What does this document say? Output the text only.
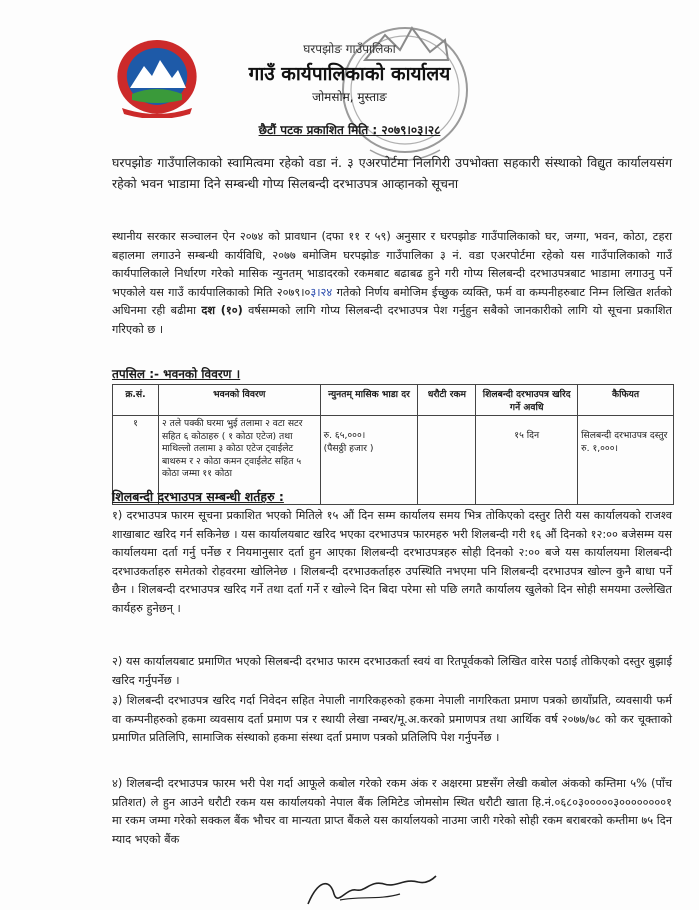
घरपझोङ गाउँपालिका
गाउँ कार्यपालिकाको कार्यालय
जोमसोम, मुस्ताङ
छैटौं पटक प्रकाशित मिति : २०७९।०३।२८
घरपझोङ गाउँपालिकाको स्वामित्वमा रहेको वडा नं. ३ एअरपोर्टमा निलगिरी उपभोक्ता सहकारी संस्थाको विद्युत कार्यालयसंग रहेको भवन भाडामा दिने सम्बन्धी गोप्य सिलबन्दी दरभाउपत्र आव्हानको सूचना
स्थानीय सरकार सञ्चालन ऐन २०७४ को प्रावधान (दफा ११ र ५९) अनुसार र घरपझोङ गाउँपालिकाको घर, जग्गा, भवन, कोठा, टहरा बहालमा लगाउने सम्बन्धी कार्यविधि, २०७७ बमोजिम घरपझोङ गाउँपालिका ३ नं. वडा एअरपोर्टमा रहेको यस गाउँपालिकाको गाउँ कार्यपालिकाले निर्धारण गरेको मासिक न्युनतम् भाडादरको रकमबाट बढाबढ हुने गरी गोप्य सिलबन्दी दरभाउपत्रबाट भाडामा लगाउनु पर्ने भएकोले यस गाउँ कार्यपालिकाको मिति २०७९।०३।२४ गतेको निर्णय बमोजिम ईच्छुक व्यक्ति, फर्म वा कम्पनीहरुबाट निम्न लिखित शर्तको अधिनमा रही बढीमा दश (१०) वर्षसम्मको लागि गोप्य सिलबन्दी दरभाउपत्र पेश गर्नुहुन सबैको जानकारीको लागि यो सूचना प्रकाशित गरिएको छ ।
तपसिल :- भवनको विवरण ।
क्र.सं.	भवनको विवरण	न्युनतम् मासिक भाडा दर	धरौटी रकम	शिलबन्दी दरभाउपत्र खरिद गर्ने अवधि	कैफियत
१	२ तले पक्की घरमा भुई तलामा २ वटा सटर सहित ६ कोठाहरु ( १ कोठा एटेज) तथा माथिल्लो तलामा ३ कोठा एटेज ट्वाईलेट बाथरुम र २ कोठा कमन ट्वाईलेट सहित ५ कोठा जम्मा ११ कोठा	रु. ६५,०००।
(पैसठ्ठी हजार )		१५ दिन	सिलबन्दी दरभाउपत्र दस्तुर रु. १,०००।
शिलबन्दी दरभाउपत्र सम्बन्धी शर्तहरु :
१) दरभाउपत्र फारम सूचना प्रकाशित भएको मितिले १५ औं दिन सम्म कार्यालय समय भित्र तोकिएको दस्तुर तिरी यस कार्यालयको राजश्व शाखाबाट खरिद गर्न सकिनेछ । यस कार्यालयबाट खरिद भएका दरभाउपत्र फारमहरु भरी शिलबन्दी गरी १६ औं दिनको १२:०० बजेसम्म यस कार्यालयमा दर्ता गर्नु पर्नेछ र नियमानुसार दर्ता हुन आएका शिलबन्दी दरभाउपत्रहरु सोही दिनको २:०० बजे यस कार्यालयमा शिलबन्दी दरभाउकर्ताहरु समेतको रोहवरमा खोलिनेछ । शिलबन्दी दरभाउकर्ताहरु उपस्थिति नभएमा पनि शिलबन्दी दरभाउपत्र खोल्न कुनै बाधा पर्ने छैन । शिलबन्दी दरभाउपत्र खरिद गर्ने तथा दर्ता गर्ने र खोल्ने दिन बिदा परेमा सो पछि लगतै कार्यालय खुलेको दिन सोही समयमा उल्लेखित कार्यहरु हुनेछन् ।
२) यस कार्यालयबाट प्रमाणित भएको सिलबन्दी दरभाउ फारम दरभाउकर्ता स्वयं वा रितपूर्वकको लिखित वारेस पठाई तोकिएको दस्तुर बुझाई खरिद गर्नुपर्नेछ ।
३) शिलबन्दी दरभाउपत्र खरिद गर्दा निवेदन सहित नेपाली नागरिकहरुको हकमा नेपाली नागरिकता प्रमाण पत्रको छायाँप्रति, व्यवसायी फर्म वा कम्पनीहरुको हकमा व्यवसाय दर्ता प्रमाण पत्र र स्थायी लेखा नम्बर/मू.अ.करको प्रमाणपत्र तथा आर्थिक वर्ष २०७७/७८ को कर चूक्ताको प्रमाणित प्रतिलिपि, सामाजिक संस्थाको हकमा संस्था दर्ता प्रमाण पत्रको प्रतिलिपि पेश गर्नुपर्नेछ ।
४) शिलबन्दी दरभाउपत्र फारम भरी पेश गर्दा आफूले कबोल गरेको रकम अंक र अक्षरमा प्रष्टसँग लेखी कबोल अंकको कम्तिमा ५% (पाँच प्रतिशत) ले हुन आउने धरौटी रकम यस कार्यालयको नेपाल बैंक लिमिटेड जोमसोम स्थित धरौटी खाता हि.नं.०६८०३०००००३००००००००१ मा रकम जम्मा गरेको सक्कल बैंक भौचर वा मान्यता प्राप्त बैंकले यस कार्यालयको नाउमा जारी गरेको सोही रकम बराबरको कम्तीमा ७५ दिन म्याद भएको बैंक
